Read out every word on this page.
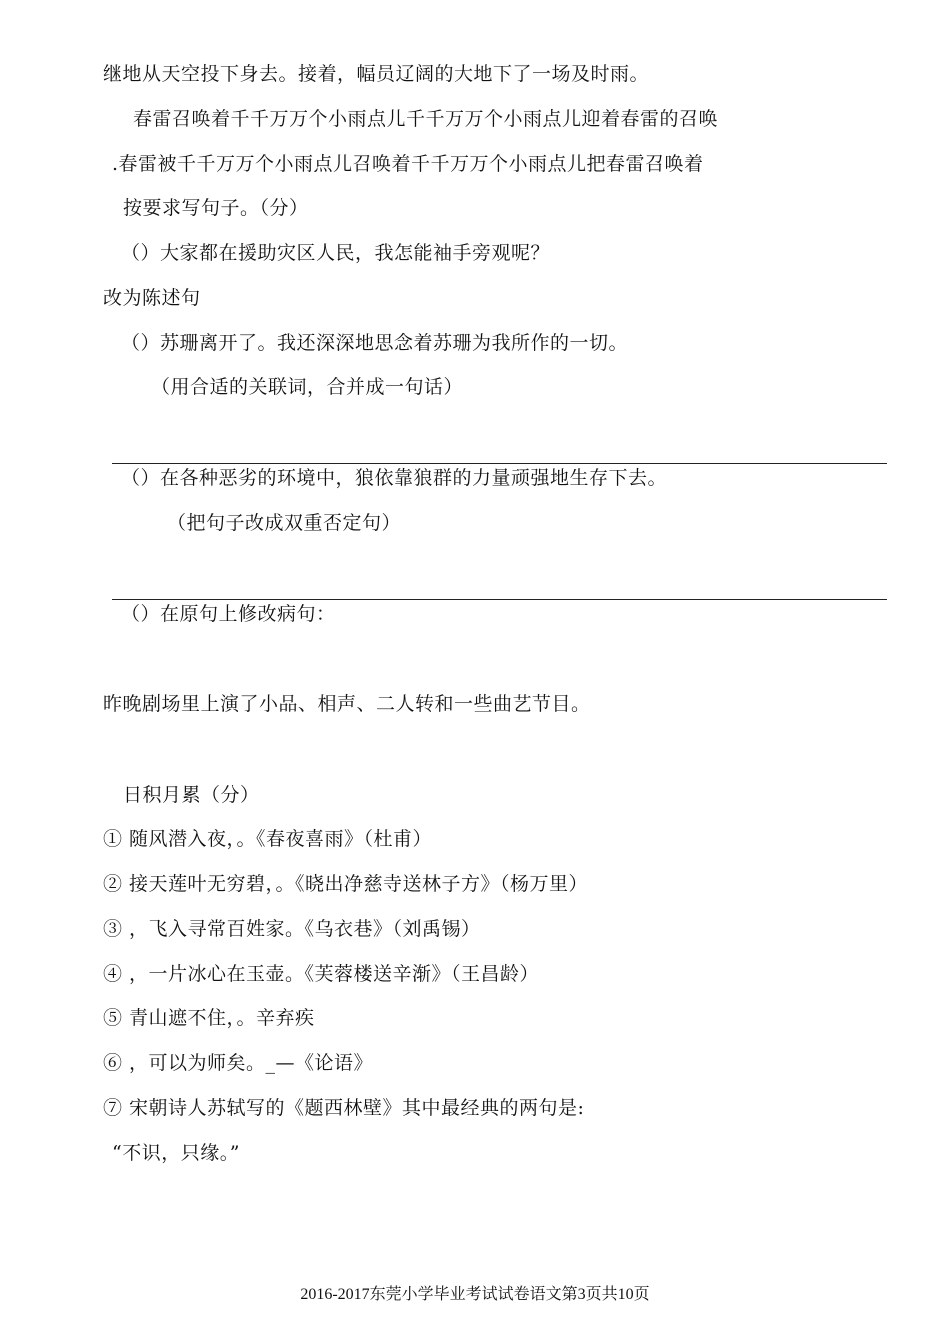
继地从天空投下身去。接着，幅员辽阔的大地下了一场及时雨。
春雷召唤着千千万万个小雨点儿千千万万个小雨点儿迎着春雷的召唤
.春雷被千千万万个小雨点儿召唤着千千万万个小雨点儿把春雷召唤着
按要求写句子。（分）
（）大家都在援助灾区人民，我怎能袖手旁观呢？
改为陈述句
（）苏珊离开了。我还深深地思念着苏珊为我所作的一切。
（用合适的关联词，合并成一句话）
（）在各种恶劣的环境中，狼依靠狼群的力量顽强地生存下去。
（把句子改成双重否定句）
（）在原句上修改病句：
昨晚剧场里上演了小品、相声、二人转和一些曲艺节目。
日积月累（分）
① 随风潜入夜，。《春夜喜雨》（杜甫）
② 接天莲叶无穷碧，。《晓出净慈寺送林子方》（杨万里）
③ ，飞入寻常百姓家。《乌衣巷》（刘禹锡）
④ ，一片冰心在玉壶。《芙蓉楼送辛渐》（王昌龄）
⑤ 青山遮不住，。辛弃疾
⑥ ，可以为师矣。_—《论语》
⑦ 宋朝诗人苏轼写的《题西林壁》其中最经典的两句是:
“不识，只缘。”
2016-2017东莞小学毕业考试试卷语文第3页共10页
